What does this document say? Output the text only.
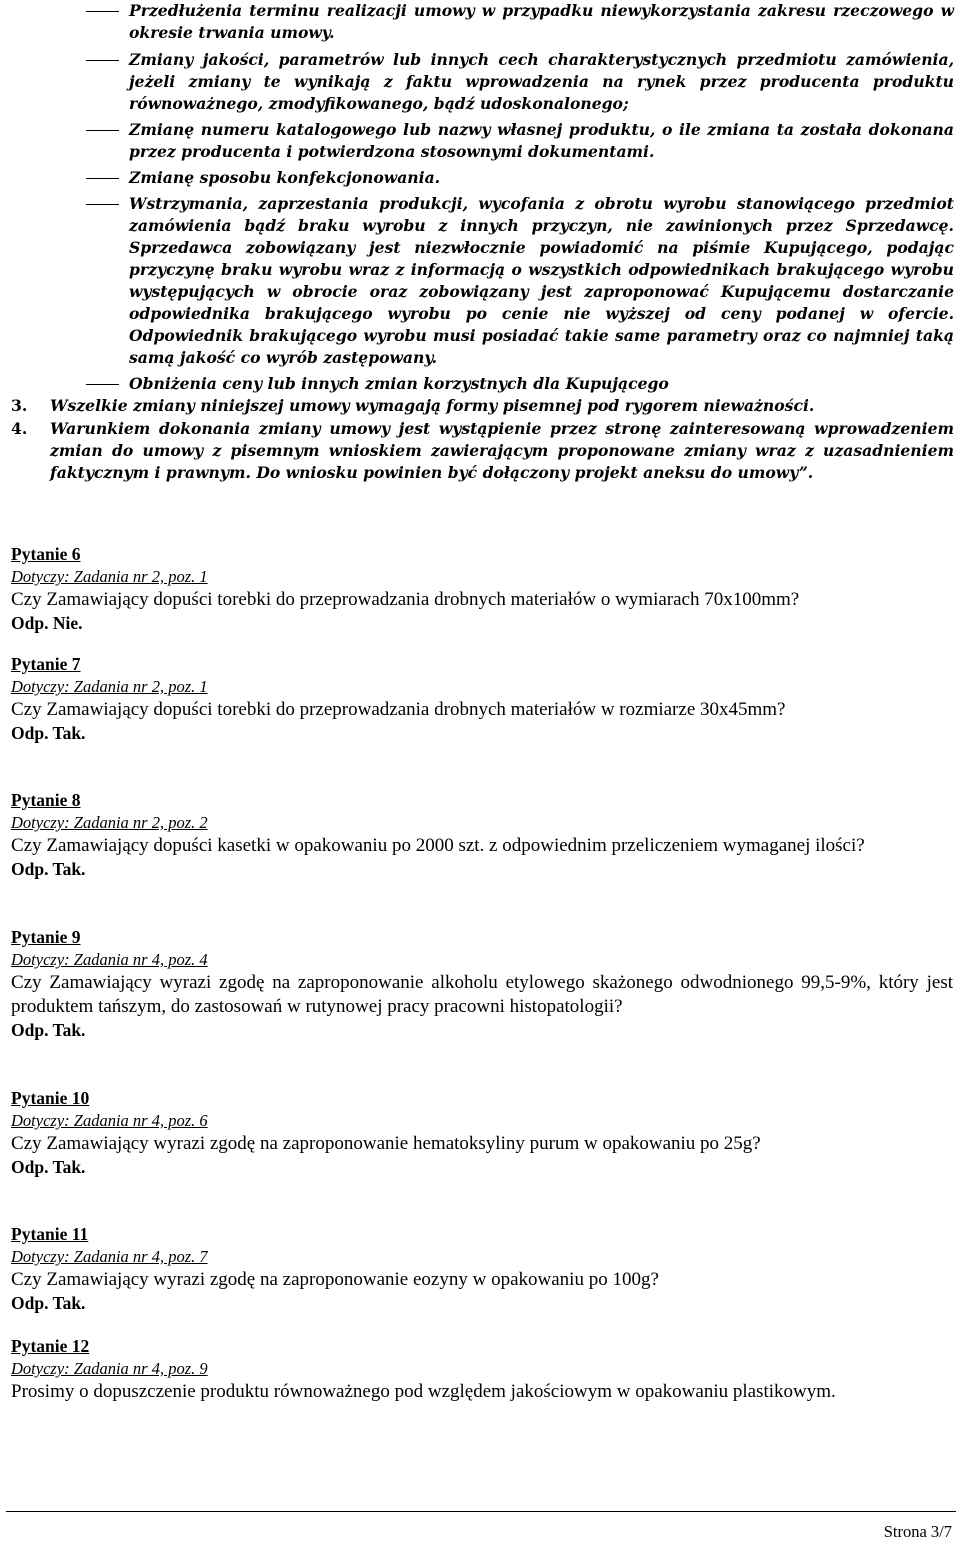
Przedłużenia terminu realizacji umowy w przypadku niewykorzystania zakresu rzeczowego w okresie trwania umowy.

Zmiany jakości, parametrów lub innych cech charakterystycznych przedmiotu zamówienia, jeżeli zmiany te wynikają z faktu wprowadzenia na rynek przez producenta produktu równoważnego, zmodyfikowanego, bądź udoskonalonego;

Zmianę numeru katalogowego lub nazwy własnej produktu, o ile zmiana ta została dokonana przez producenta i potwierdzona stosownymi dokumentami.

Zmianę sposobu konfekcjonowania.

Wstrzymania, zaprzestania produkcji, wycofania z obrotu wyrobu stanowiącego przedmiot zamówienia bądź braku wyrobu z innych przyczyn, nie zawinionych przez Sprzedawcę. Sprzedawca zobowiązany jest niezwłocznie powiadomić na piśmie Kupującego, podając przyczynę braku wyrobu wraz z informacją o wszystkich odpowiednikach brakującego wyrobu występujących w obrocie oraz zobowiązany jest zaproponować Kupującemu dostarczanie odpowiednika brakującego wyrobu po cenie nie wyższej od ceny podanej w ofercie. Odpowiednik brakującego wyrobu musi posiadać takie same parametry oraz co najmniej taką samą jakość co wyrób zastępowany.

Obniżenia ceny lub innych zmian korzystnych dla Kupującego

3. Wszelkie zmiany niniejszej umowy wymagają formy pisemnej pod rygorem nieważności.

4. Warunkiem dokonania zmiany umowy jest wystąpienie przez stronę zainteresowaną wprowadzeniem zmian do umowy z pisemnym wnioskiem zawierającym proponowane zmiany wraz z uzasadnieniem faktycznym i prawnym. Do wniosku powinien być dołączony projekt aneksu do umowy”.

Pytanie 6

Dotyczy: Zadania nr 2, poz. 1

Czy Zamawiający dopuści torebki do przeprowadzania drobnych materiałów o wymiarach 70x100mm?

Odp. Nie.

Pytanie 7

Dotyczy: Zadania nr 2, poz. 1

Czy Zamawiający dopuści torebki do przeprowadzania drobnych materiałów w rozmiarze 30x45mm?

Odp. Tak.

Pytanie 8

Dotyczy: Zadania nr 2, poz. 2

Czy Zamawiający dopuści kasetki w opakowaniu po 2000 szt. z odpowiednim przeliczeniem wymaganej ilości?

Odp. Tak.

Pytanie 9

Dotyczy: Zadania nr 4, poz. 4

Czy Zamawiający wyrazi zgodę na zaproponowanie alkoholu etylowego skażonego odwodnionego 99,5-9%, który jest produktem tańszym, do zastosowań w rutynowej pracy pracowni histopatologii?

Odp. Tak.

Pytanie 10

Dotyczy: Zadania nr 4, poz. 6

Czy Zamawiający wyrazi zgodę na zaproponowanie hematoksyliny purum w opakowaniu po 25g?

Odp. Tak.

Pytanie 11

Dotyczy: Zadania nr 4, poz. 7

Czy Zamawiający wyrazi zgodę na zaproponowanie eozyny w opakowaniu po 100g?

Odp. Tak.

Pytanie 12

Dotyczy: Zadania nr 4, poz. 9

Prosimy o dopuszczenie produktu równoważnego pod względem jakościowym w opakowaniu plastikowym.

Strona 3/7
